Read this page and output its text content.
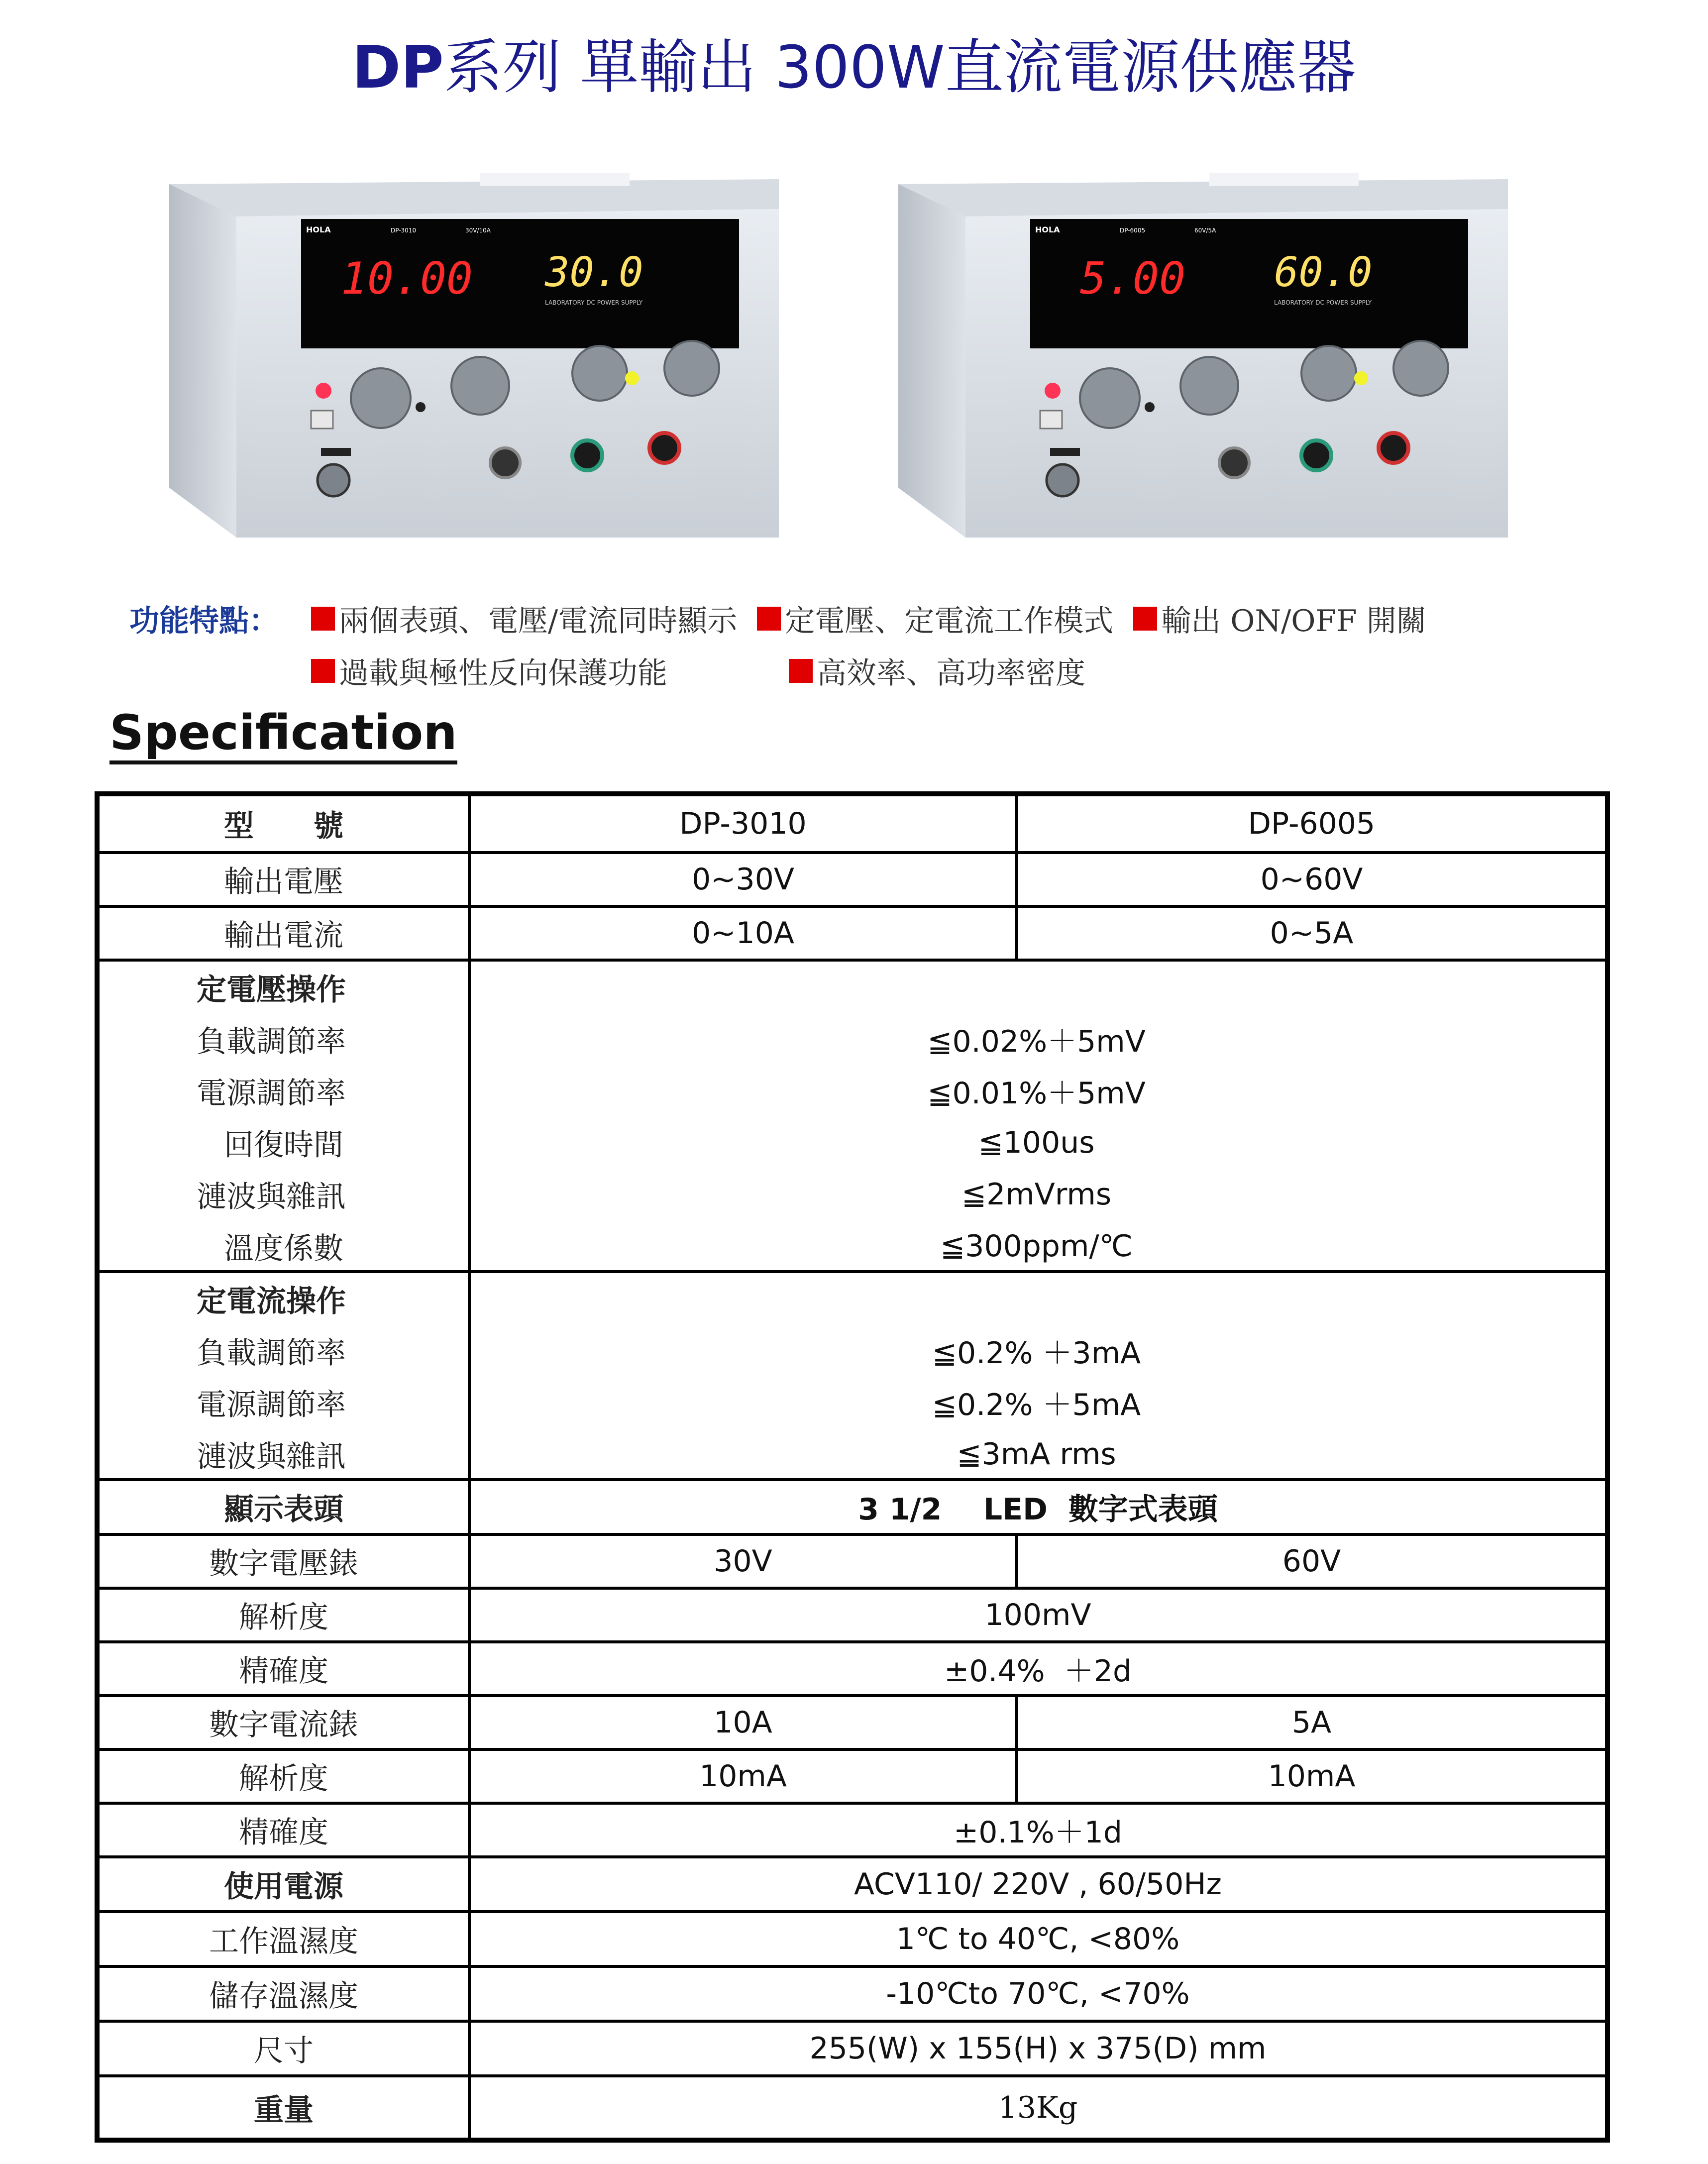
DP系列 單輸出 300W直流電源供應器
HOLA	DP-3010	30V/10A
10.00 30.0
LABORATORY DC POWER SUPPLY
HOLA	DP-6005	60V/5A
5.00 60.0
LABORATORY DC POWER SUPPLY
功能特點：	兩個表頭、電壓/電流同時顯示 定電壓、定電流工作模式 輸出 ON/OFF 開關
過載與極性反向保護功能	高效率、高功率密度
Specification
型　　號	DP-3010	DP-6005
輸出電壓	0~30V	0~60V
輸出電流	0~10A	0~5A
定電壓操作
負載調節率	≦0.02%＋5mV
電源調節率	≦0.01%＋5mV
回復時間	≦100us
漣波與雜訊	≦2mVrms
溫度係數	≦300ppm/℃
定電流操作
負載調節率	≦0.2% ＋3mA
電源調節率	≦0.2% ＋5mA
漣波與雜訊	≦3mA rms
顯示表頭	3 1/2    LED  數字式表頭
數字電壓錶	30V	60V
解析度	100mV
精確度	±0.4%  ＋2d
數字電流錶	10A	5A
解析度	10mA	10mA
精確度	±0.1%＋1d
使用電源	ACV110/ 220V , 60/50Hz
工作溫濕度	1℃ to 40℃, <80%
儲存溫濕度	-10℃to 70℃, <70%
尺寸	255(W) x 155(H) x 375(D) mm
重量	13Kg
